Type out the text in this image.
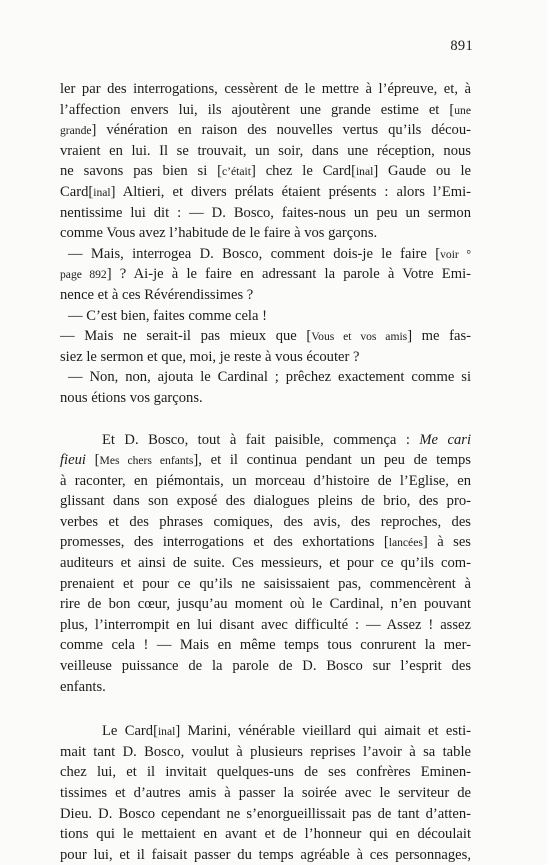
891
ler par des interrogations, cessèrent de le mettre à l’épreuve, et, à
l’affection envers lui, ils ajoutèrent une grande estime et [une
grande] vénération en raison des nouvelles vertus qu’ils décou-
vraient en lui. Il se trouvait, un soir, dans une réception, nous
ne savons pas bien si [c’était] chez le Card[inal] Gaude ou le
Card[inal] Altieri, et divers prélats étaient présents : alors l’Emi-
nentissime lui dit : — D. Bosco, faites-nous un peu un sermon
comme Vous avez l’habitude de le faire à vos garçons.
— Mais, interrogea D. Bosco, comment dois-je le faire [voir °
page 892] ? Ai-je à le faire en adressant la parole à Votre Emi-
nence et à ces Révérendissimes ?
— C’est bien, faites comme cela !
— Mais ne serait-il pas mieux que [Vous et vos amis] me fas-
siez le sermon et que, moi, je reste à vous écouter ?
— Non, non, ajouta le Cardinal ; prêchez exactement comme si
nous étions vos garçons.
Et D. Bosco, tout à fait paisible, commença : Me cari
fieui [Mes chers enfants], et il continua pendant un peu de temps
à raconter, en piémontais, un morceau d’histoire de l’Eglise, en
glissant dans son exposé des dialogues pleins de brio, des pro-
verbes et des phrases comiques, des avis, des reproches, des
promesses, des interrogations et des exhortations [lancées] à ses
auditeurs et ainsi de suite. Ces messieurs, et pour ce qu’ils com-
prenaient et pour ce qu’ils ne saisissaient pas, commencèrent à
rire de bon cœur, jusqu’au moment où le Cardinal, n’en pouvant
plus, l’interrompit en lui disant avec difficulté : — Assez ! assez
comme cela ! — Mais en même temps tous conrurent la mer-
veilleuse puissance de la parole de D. Bosco sur l’esprit des
enfants.
Le Card[inal] Marini, vénérable vieillard qui aimait et esti-
mait tant D. Bosco, voulut à plusieurs reprises l’avoir à sa table
chez lui, et il invitait quelques-uns de ses confrères Eminen-
tissimes et d’autres amis à passer la soirée avec le serviteur de
Dieu. D. Bosco cependant ne s’enorgueillissait pas de tant d’atten-
tions qui le mettaient en avant et de l’honneur qui en découlait
pour lui, et il faisait passer du temps agréable à ces personnages,
